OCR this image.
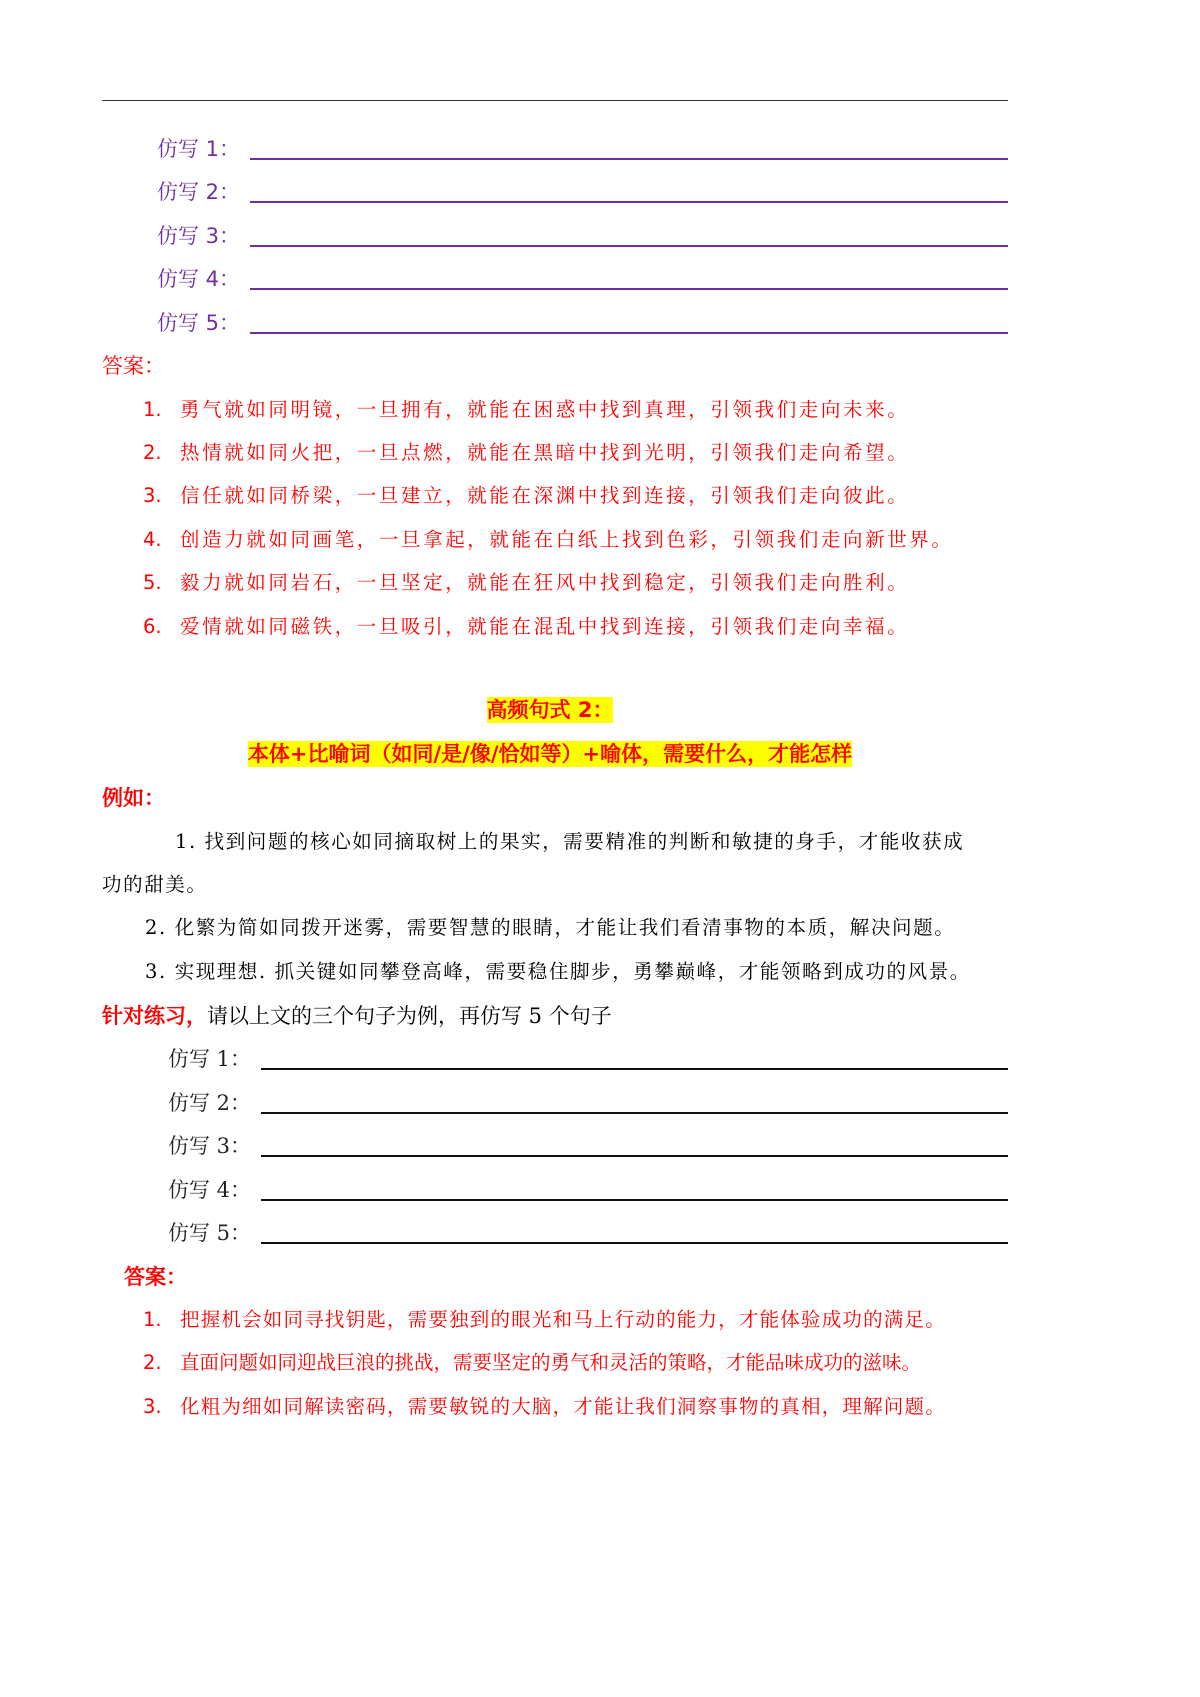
仿写 1：
仿写 2：
仿写 3：
仿写 4：
仿写 5：
答案：
1. 勇气就如同明镜，一旦拥有，就能在困惑中找到真理，引领我们走向未来。
2. 热情就如同火把，一旦点燃，就能在黑暗中找到光明，引领我们走向希望。
3. 信任就如同桥梁，一旦建立，就能在深渊中找到连接，引领我们走向彼此。
4. 创造力就如同画笔，一旦拿起，就能在白纸上找到色彩，引领我们走向新世界。
5. 毅力就如同岩石，一旦坚定，就能在狂风中找到稳定，引领我们走向胜利。
6. 爱情就如同磁铁，一旦吸引，就能在混乱中找到连接，引领我们走向幸福。
高频句式 2：
本体+比喻词（如同/是/像/恰如等）+喻体，需要什么，才能怎样
例如：
1. 找到问题的核心如同摘取树上的果实，需要精准的判断和敏捷的身手，才能收获成
功的甜美。
2. 化繁为简如同拨开迷雾，需要智慧的眼睛，才能让我们看清事物的本质，解决问题。
3. 实现理想. 抓关键如同攀登高峰，需要稳住脚步，勇攀巅峰，才能领略到成功的风景。
针对练习，请以上文的三个句子为例，再仿写 5 个句子
仿写 1：
仿写 2：
仿写 3：
仿写 4：
仿写 5：
答案：
1. 把握机会如同寻找钥匙，需要独到的眼光和马上行动的能力，才能体验成功的满足。
2. 直面问题如同迎战巨浪的挑战，需要坚定的勇气和灵活的策略，才能品味成功的滋味。
3. 化粗为细如同解读密码，需要敏锐的大脑，才能让我们洞察事物的真相，理解问题。
